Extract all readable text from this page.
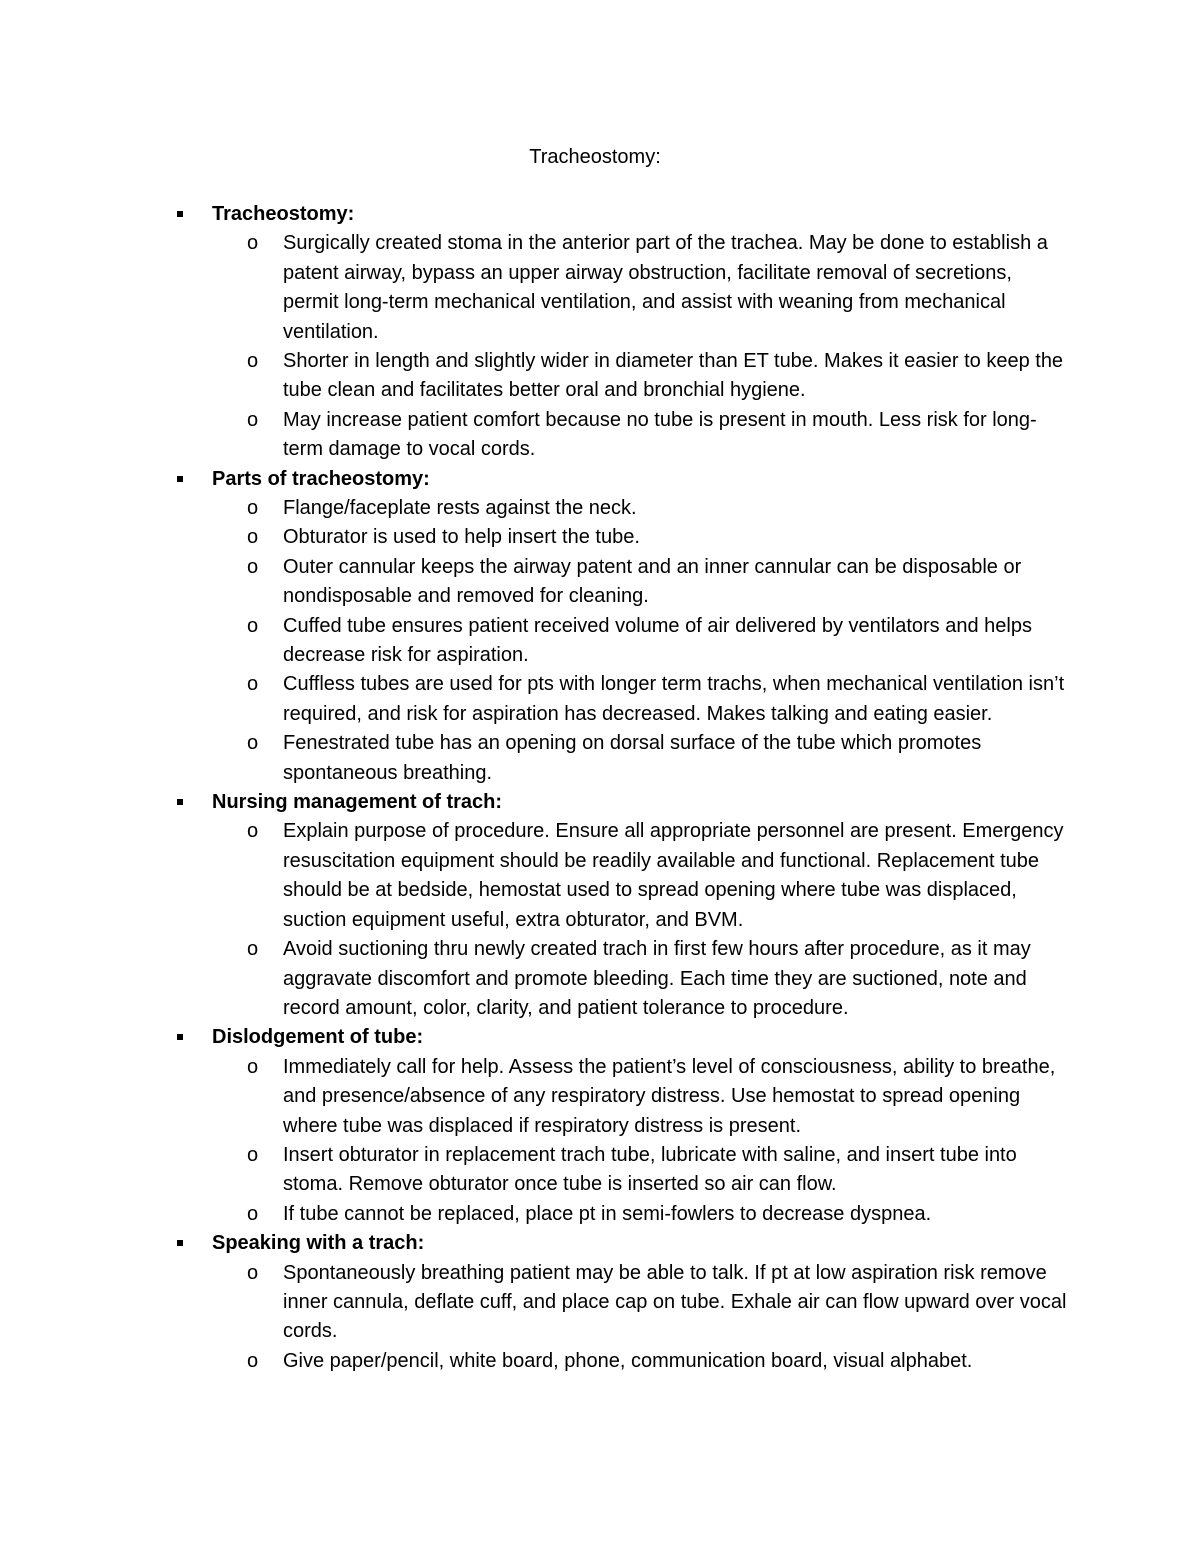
Tracheostomy:
Tracheostomy:
o	Surgically created stoma in the anterior part of the trachea. May be done to establish a patent airway, bypass an upper airway obstruction, facilitate removal of secretions, permit long-term mechanical ventilation, and assist with weaning from mechanical ventilation.
o	Shorter in length and slightly wider in diameter than ET tube. Makes it easier to keep the tube clean and facilitates better oral and bronchial hygiene.
o	May increase patient comfort because no tube is present in mouth. Less risk for long-term damage to vocal cords.
Parts of tracheostomy:
o	Flange/faceplate rests against the neck.
o	Obturator is used to help insert the tube.
o	Outer cannular keeps the airway patent and an inner cannular can be disposable or nondisposable and removed for cleaning.
o	Cuffed tube ensures patient received volume of air delivered by ventilators and helps decrease risk for aspiration.
o	Cuffless tubes are used for pts with longer term trachs, when mechanical ventilation isn’t required, and risk for aspiration has decreased. Makes talking and eating easier.
o	Fenestrated tube has an opening on dorsal surface of the tube which promotes spontaneous breathing.
Nursing management of trach:
o	Explain purpose of procedure. Ensure all appropriate personnel are present. Emergency resuscitation equipment should be readily available and functional. Replacement tube should be at bedside, hemostat used to spread opening where tube was displaced, suction equipment useful, extra obturator, and BVM.
o	Avoid suctioning thru newly created trach in first few hours after procedure, as it may aggravate discomfort and promote bleeding. Each time they are suctioned, note and record amount, color, clarity, and patient tolerance to procedure.
Dislodgement of tube:
o	Immediately call for help. Assess the patient’s level of consciousness, ability to breathe, and presence/absence of any respiratory distress. Use hemostat to spread opening where tube was displaced if respiratory distress is present.
o	Insert obturator in replacement trach tube, lubricate with saline, and insert tube into stoma. Remove obturator once tube is inserted so air can flow.
o	If tube cannot be replaced, place pt in semi-fowlers to decrease dyspnea.
Speaking with a trach:
o	Spontaneously breathing patient may be able to talk. If pt at low aspiration risk remove inner cannula, deflate cuff, and place cap on tube. Exhale air can flow upward over vocal cords.
o	Give paper/pencil, white board, phone, communication board, visual alphabet.
